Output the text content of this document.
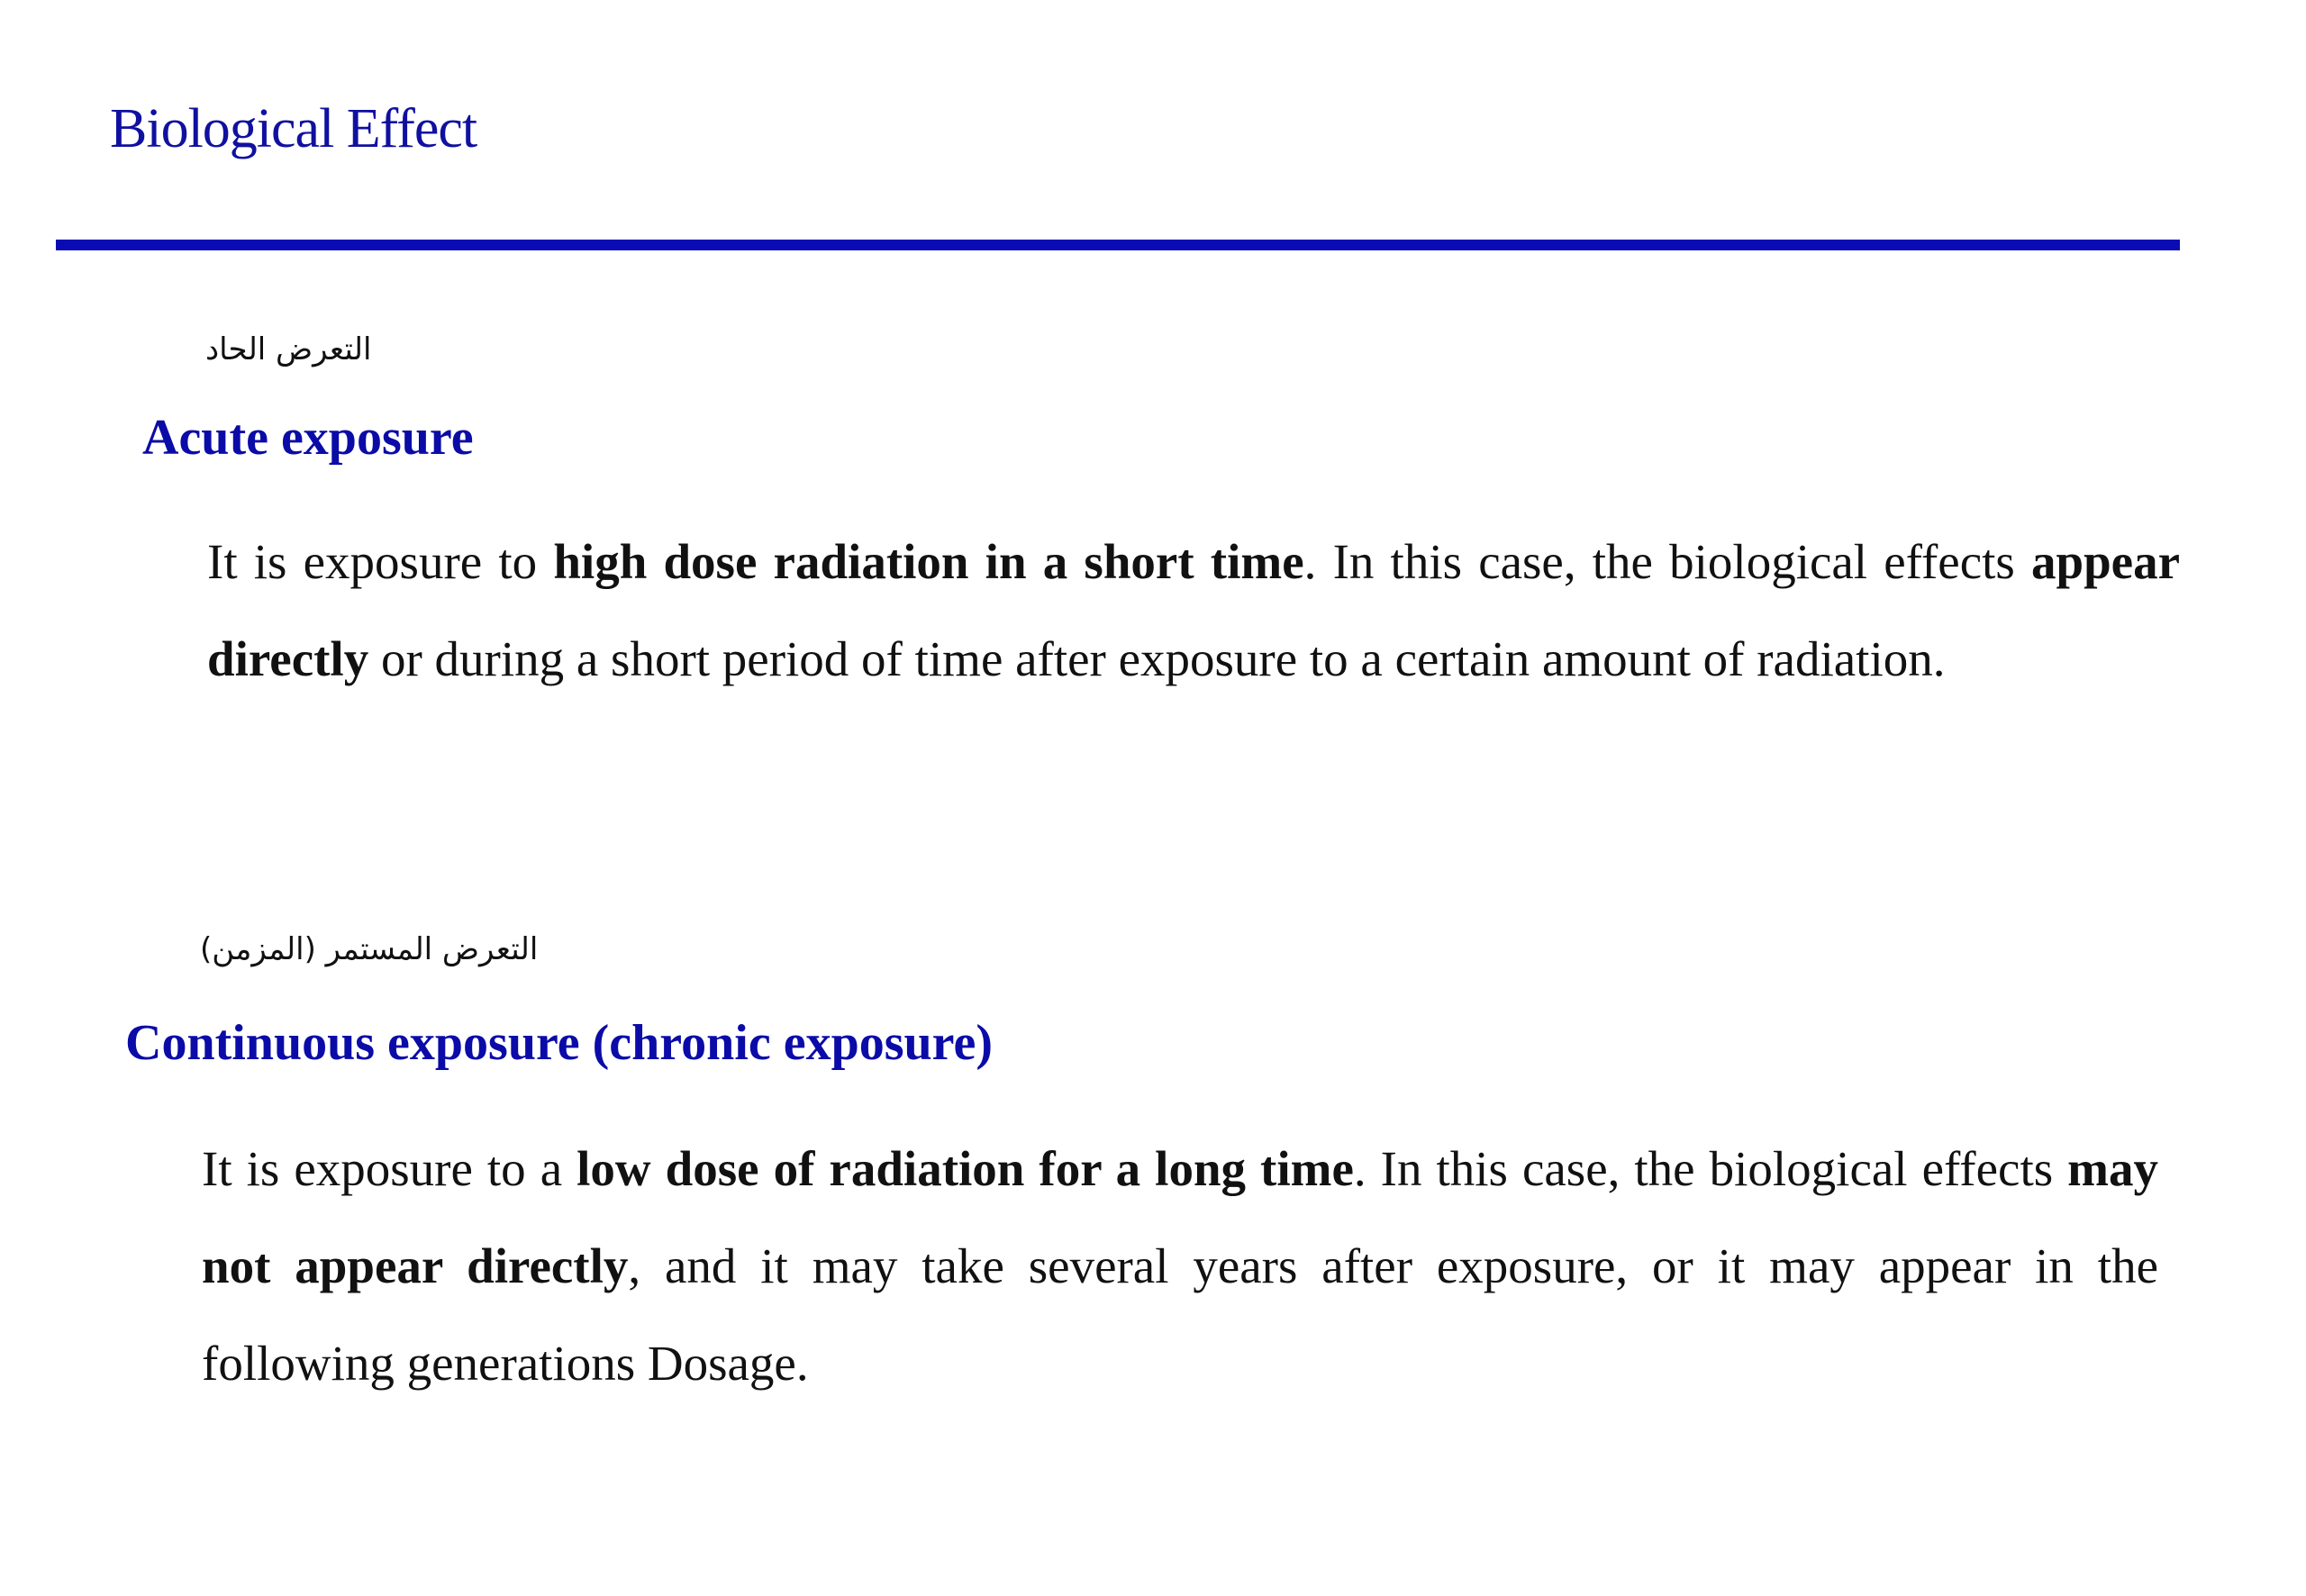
Biological Effect
التعرض الحاد
Acute exposure

It is exposure to high dose radiation in a short time. In this case, the biological effects appear directly or during a short period of time after exposure to a certain amount of radiation.

التعرض المستمر (المزمن)
Continuous exposure (chronic exposure)

It is exposure to a low dose of radiation for a long time. In this case, the biological effects may not appear directly, and it may take several years after exposure, or it may appear in the following generations Dosage.
